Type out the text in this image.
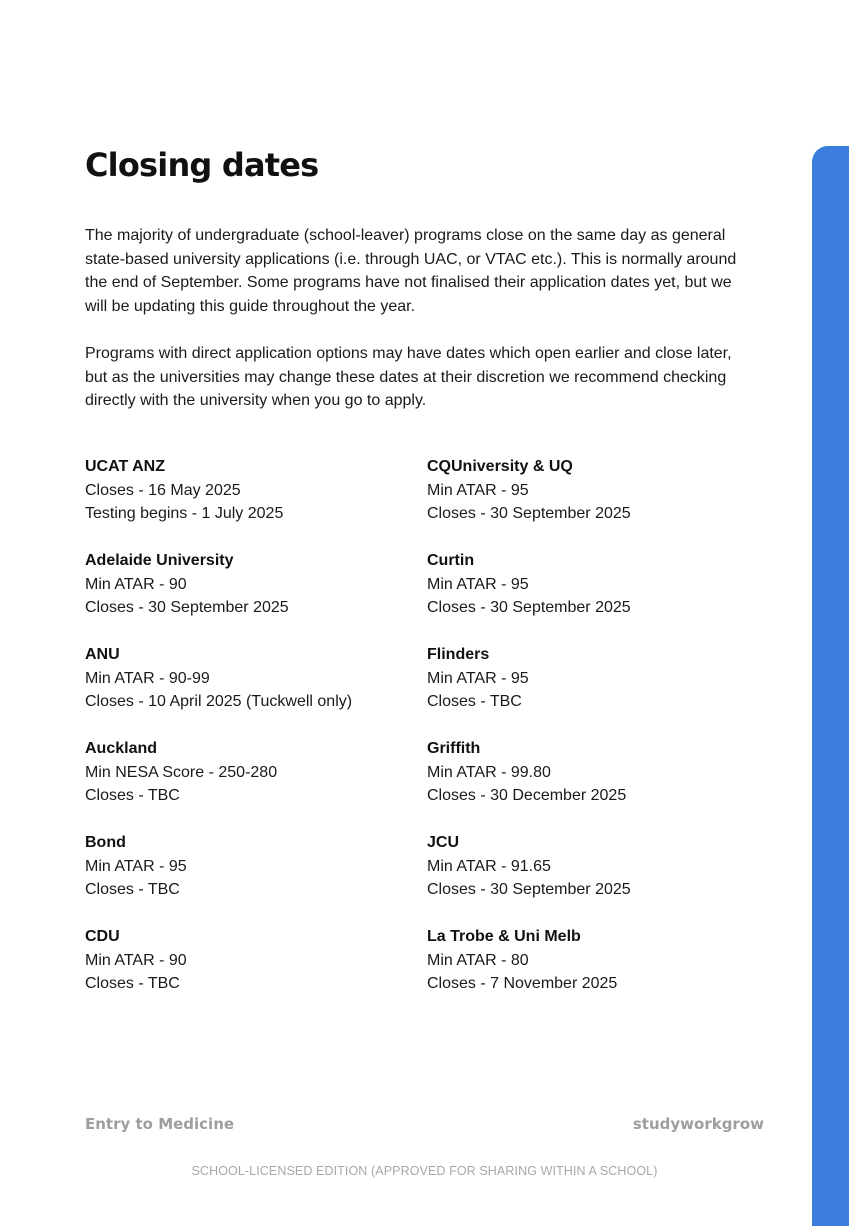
Closing dates

The majority of undergraduate (school-leaver) programs close on the same day as general state-based university applications (i.e. through UAC, or VTAC etc.). This is normally around the end of September. Some programs have not finalised their application dates yet, but we will be updating this guide throughout the year.

Programs with direct application options may have dates which open earlier and close later, but as the universities may change these dates at their discretion we recommend checking directly with the university when you go to apply.

UCAT ANZ
Closes - 16 May 2025
Testing begins - 1 July 2025
CQUniversity & UQ
Min ATAR - 95
Closes - 30 September 2025
Adelaide University
Min ATAR - 90
Closes - 30 September 2025
Curtin
Min ATAR - 95
Closes - 30 September 2025
ANU
Min ATAR - 90-99
Closes - 10 April 2025 (Tuckwell only)
Flinders
Min ATAR - 95
Closes - TBC
Auckland
Min NESA Score - 250-280
Closes - TBC
Griffith
Min ATAR - 99.80
Closes - 30 December 2025
Bond
Min ATAR - 95
Closes - TBC
JCU
Min ATAR - 91.65
Closes - 30 September 2025
CDU
Min ATAR - 90
Closes - TBC
La Trobe & Uni Melb
Min ATAR - 80
Closes - 7 November 2025
Entry to Medicine	studyworkgrow
SCHOOL-LICENSED EDITION (APPROVED FOR SHARING WITHIN A SCHOOL)
